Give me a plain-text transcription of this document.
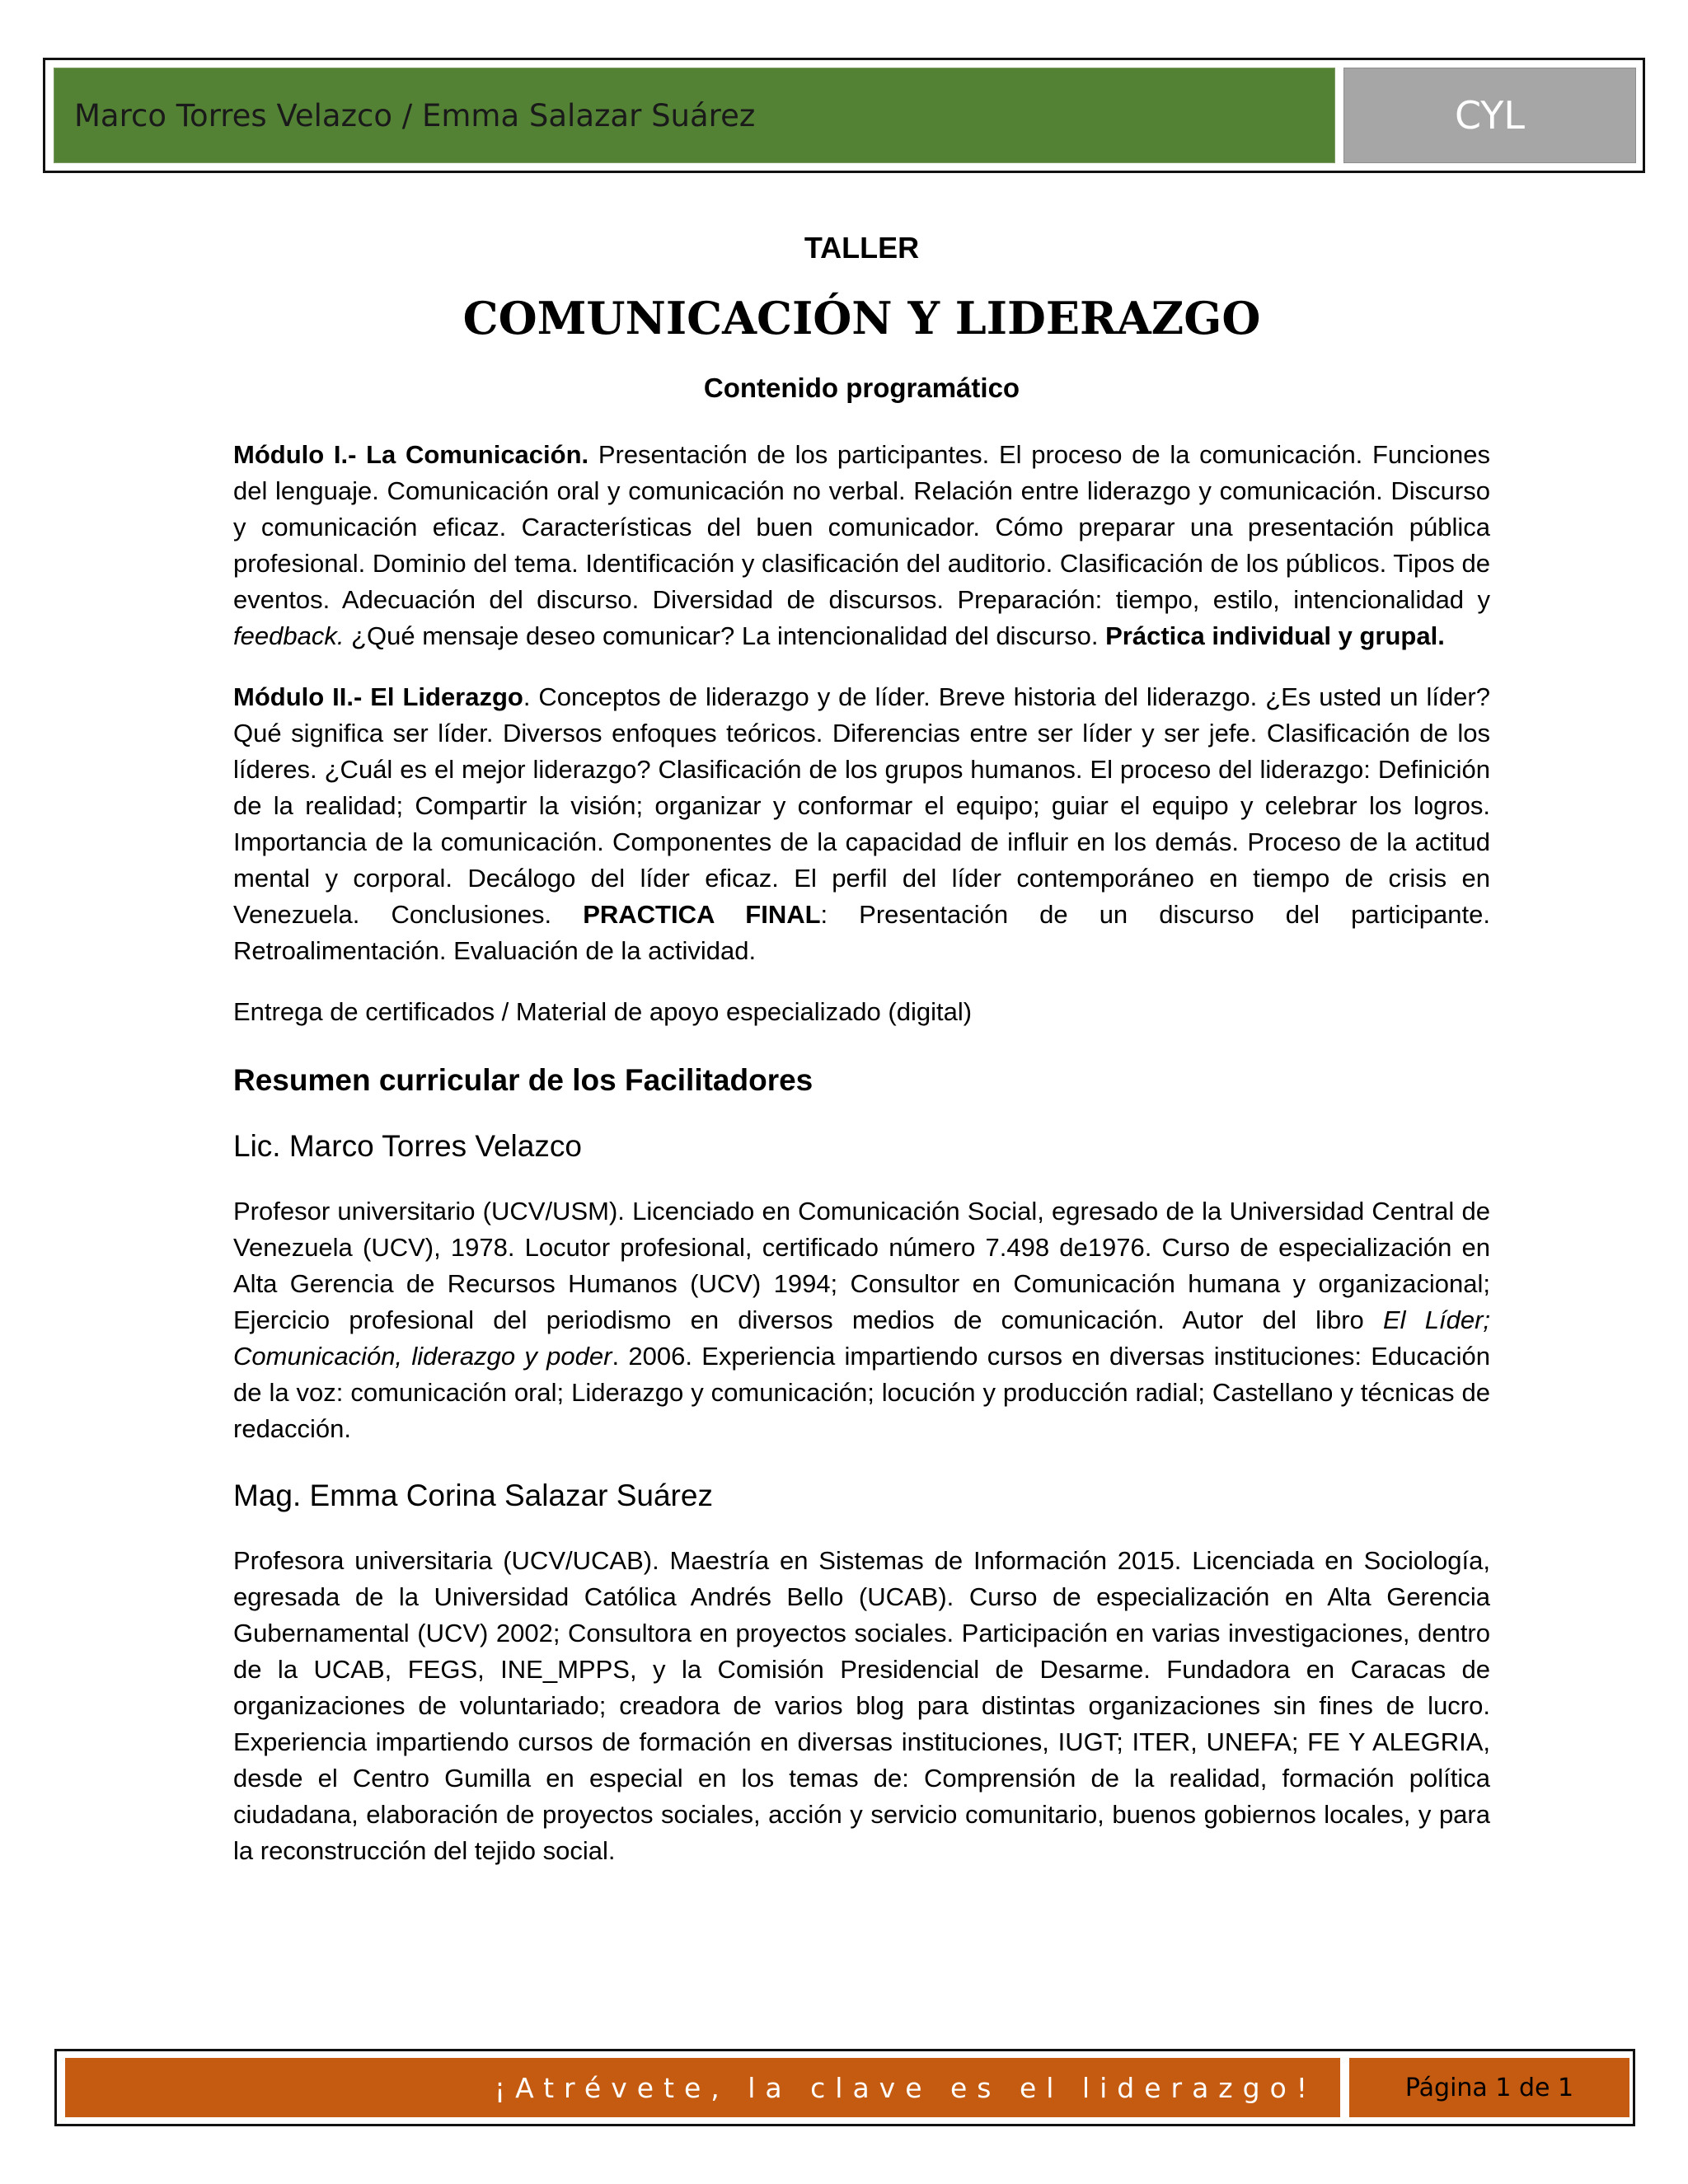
Marco Torres Velazco / Emma Salazar Suárez	CYL
TALLER
COMUNICACIÓN Y LIDERAZGO
Contenido programático

Módulo I.- La Comunicación. Presentación de los participantes. El proceso de la comunicación. Funciones del lenguaje. Comunicación oral y comunicación no verbal. Relación entre liderazgo y comunicación. Discurso y comunicación eficaz. Características del buen comunicador. Cómo preparar una presentación pública profesional. Dominio del tema. Identificación y clasificación del auditorio. Clasificación de los públicos. Tipos de eventos. Adecuación del discurso. Diversidad de discursos. Preparación: tiempo, estilo, intencionalidad y feedback. ¿Qué mensaje deseo comunicar? La intencionalidad del discurso. Práctica individual y grupal.

Módulo II.- El Liderazgo. Conceptos de liderazgo y de líder. Breve historia del liderazgo. ¿Es usted un líder? Qué significa ser líder. Diversos enfoques teóricos. Diferencias entre ser líder y ser jefe. Clasificación de los líderes. ¿Cuál es el mejor liderazgo? Clasificación de los grupos humanos. El proceso del liderazgo: Definición de la realidad; Compartir la visión; organizar y conformar el equipo; guiar el equipo y celebrar los logros. Importancia de la comunicación. Componentes de la capacidad de influir en los demás. Proceso de la actitud mental y corporal. Decálogo del líder eficaz. El perfil del líder contemporáneo en tiempo de crisis en Venezuela. Conclusiones. PRACTICA FINAL: Presentación de un discurso del participante. Retroalimentación. Evaluación de la actividad.

Entrega de certificados / Material de apoyo especializado (digital)

Resumen curricular de los Facilitadores
Lic. Marco Torres Velazco

Profesor universitario (UCV/USM). Licenciado en Comunicación Social, egresado de la Universidad Central de Venezuela (UCV), 1978. Locutor profesional, certificado número 7.498 de1976. Curso de especialización en Alta Gerencia de Recursos Humanos (UCV) 1994; Consultor en Comunicación humana y organizacional; Ejercicio profesional del periodismo en diversos medios de comunicación. Autor del libro El Líder; Comunicación, liderazgo y poder. 2006. Experiencia impartiendo cursos en diversas instituciones: Educación de la voz: comunicación oral; Liderazgo y comunicación; locución y producción radial; Castellano y técnicas de redacción.

Mag. Emma Corina Salazar Suárez

Profesora universitaria (UCV/UCAB). Maestría en Sistemas de Información 2015. Licenciada en Sociología, egresada de la Universidad Católica Andrés Bello (UCAB). Curso de especialización en Alta Gerencia Gubernamental (UCV) 2002; Consultora en proyectos sociales. Participación en varias investigaciones, dentro de la UCAB, FEGS, INE_MPPS, y la Comisión Presidencial de Desarme. Fundadora en Caracas de organizaciones de voluntariado; creadora de varios blog para distintas organizaciones sin fines de lucro. Experiencia impartiendo cursos de formación en diversas instituciones, IUGT; ITER, UNEFA; FE Y ALEGRIA, desde el Centro Gumilla en especial en los temas de: Comprensión de la realidad, formación política ciudadana, elaboración de proyectos sociales, acción y servicio comunitario, buenos gobiernos locales, y para la reconstrucción del tejido social.

¡Atrévete, la clave es el liderazgo!	Página 1 de 1
